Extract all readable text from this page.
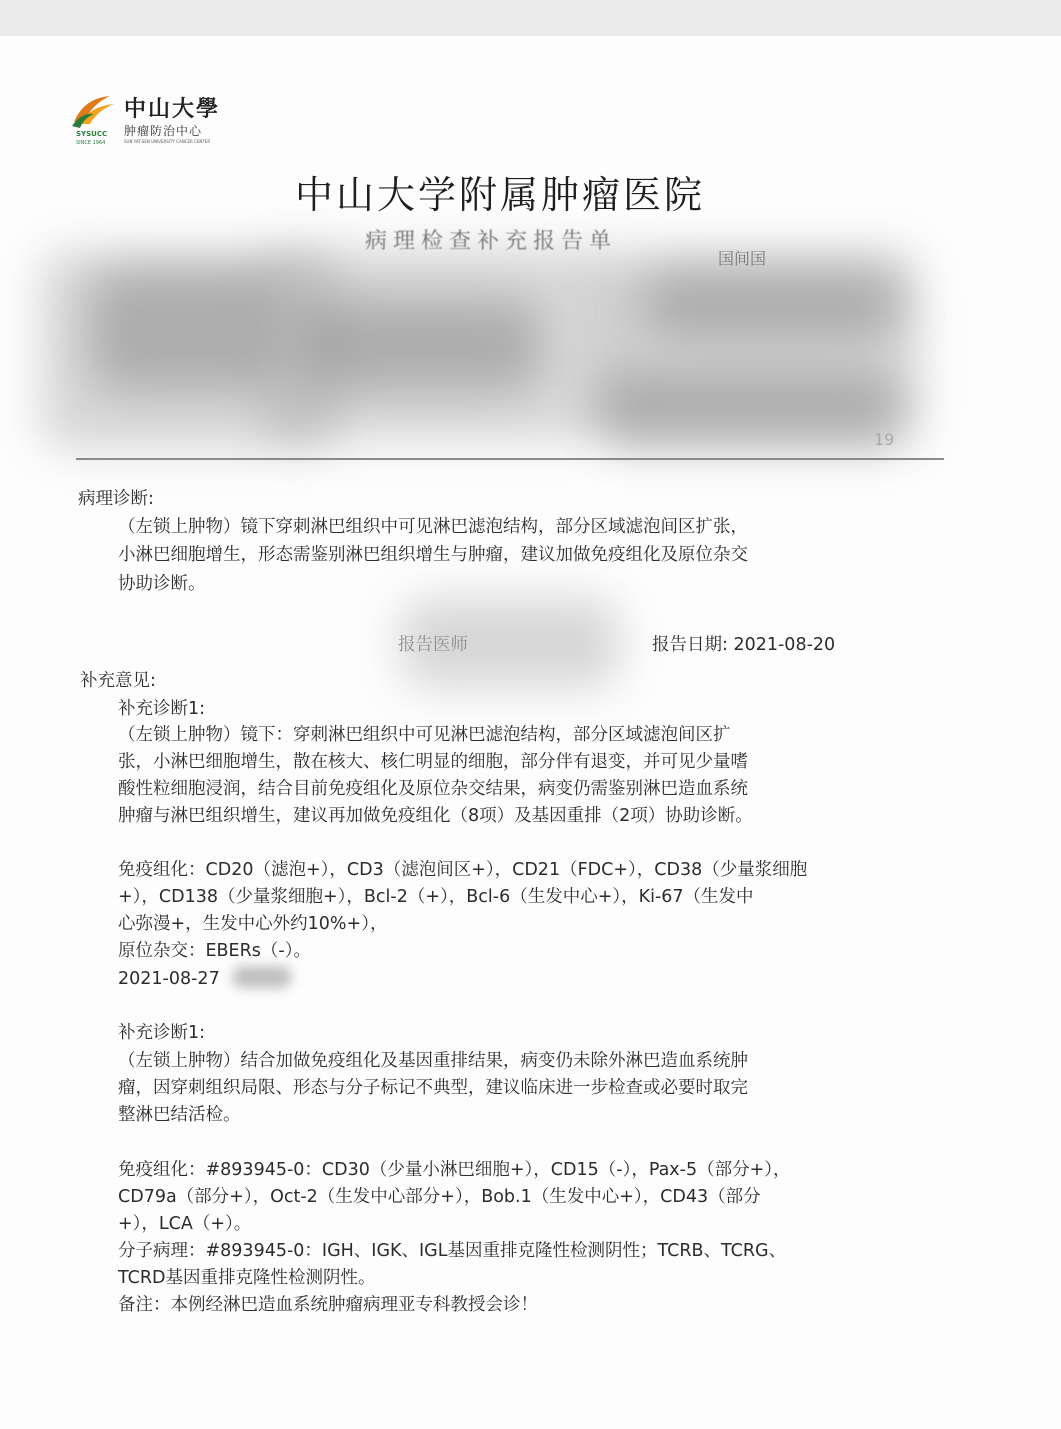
中山大學
肿瘤防治中心
SUN YAT-SEN UNIVERSITY CANCER CENTER
SYSUCC
SINCE 1964
中山大学附属肿瘤医院
病理检查补充报告单
国间国
19
病理诊断:
（左锁上肿物）镜下穿刺淋巴组织中可见淋巴滤泡结构，部分区域滤泡间区扩张，
小淋巴细胞增生，形态需鉴别淋巴组织增生与肿瘤，建议加做免疫组化及原位杂交
协助诊断。
报告医师	报告日期: 2021-08-20
补充意见:
补充诊断1:
（左锁上肿物）镜下：穿刺淋巴组织中可见淋巴滤泡结构，部分区域滤泡间区扩
张，小淋巴细胞增生，散在核大、核仁明显的细胞，部分伴有退变，并可见少量嗜
酸性粒细胞浸润，结合目前免疫组化及原位杂交结果，病变仍需鉴别淋巴造血系统
肿瘤与淋巴组织增生，建议再加做免疫组化（8项）及基因重排（2项）协助诊断。
免疫组化：CD20（滤泡+），CD3（滤泡间区+），CD21（FDC+），CD38（少量浆细胞
+），CD138（少量浆细胞+），Bcl-2（+），Bcl-6（生发中心+），Ki-67（生发中
心弥漫+，生发中心外约10%+），
原位杂交：EBERs（-）。
2021-08-27
补充诊断1:
（左锁上肿物）结合加做免疫组化及基因重排结果，病变仍未除外淋巴造血系统肿
瘤，因穿刺组织局限、形态与分子标记不典型，建议临床进一步检查或必要时取完
整淋巴结活检。
免疫组化：#893945-0：CD30（少量小淋巴细胞+），CD15（-），Pax-5（部分+），
CD79a（部分+），Oct-2（生发中心部分+），Bob.1（生发中心+），CD43（部分
+），LCA（+）。
分子病理：#893945-0：IGH、IGK、IGL基因重排克隆性检测阴性；TCRB、TCRG、
TCRD基因重排克隆性检测阴性。
备注：本例经淋巴造血系统肿瘤病理亚专科教授会诊！
